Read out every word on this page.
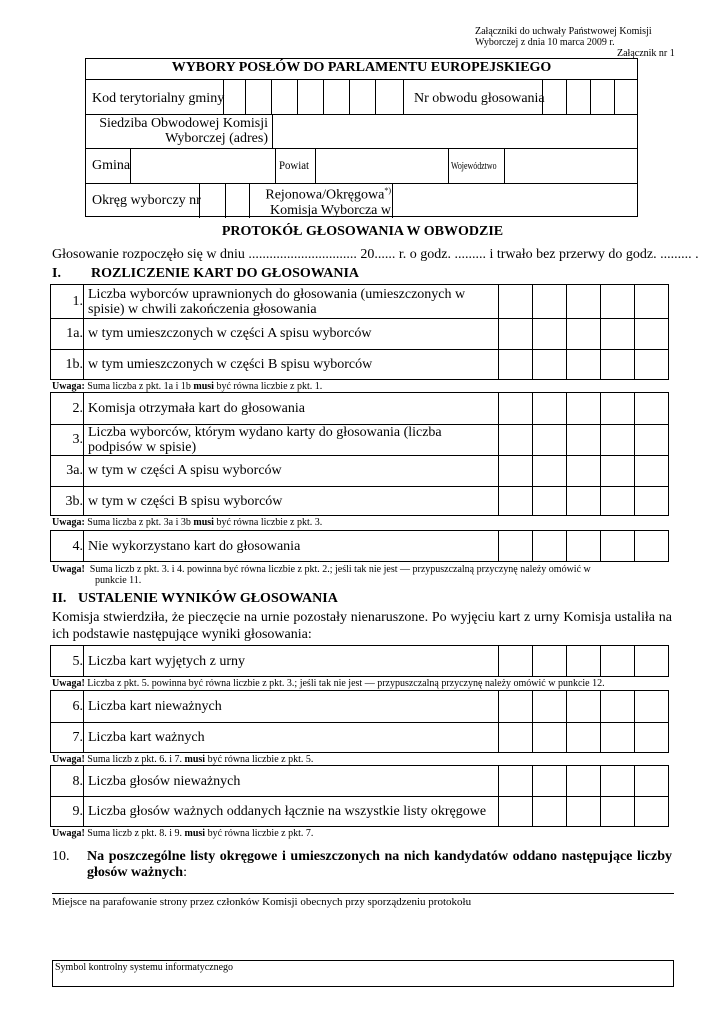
Załączniki do uchwały Państwowej Komisji
Wyborczej z dnia 10 marca 2009 r.
Załącznik nr 1
WYBORY POSŁÓW DO PARLAMENTU EUROPEJSKIEGO
Kod terytorialny gminy	Nr obwodu głosowania
Siedziba Obwodowej Komisji
Wyborczej (adres)
Gmina	Powiat	Województwo
Okręg wyborczy nr	Rejonowa/Okręgowa*)
Komisja Wyborcza w
PROTOKÓŁ GŁOSOWANIA W OBWODZIE
Głosowanie rozpoczęło się w dniu ............................... 20...... r. o godz. ......... i trwało bez przerwy do godz. ......... .
I. ROZLICZENIE KART DO GŁOSOWANIA
1. Liczba wyborców uprawnionych do głosowania (umieszczonych w spisie) w chwili zakończenia głosowania
1a. w tym umieszczonych w części A spisu wyborców
1b. w tym umieszczonych w części B spisu wyborców
Uwaga: Suma liczba z pkt. 1a i 1b musi być równa liczbie z pkt. 1.
2. Komisja otrzymała kart do głosowania
3. Liczba wyborców, którym wydano karty do głosowania (liczba podpisów w spisie)
3a. w tym w części A spisu wyborców
3b. w tym w części B spisu wyborców
Uwaga: Suma liczba z pkt. 3a i 3b musi być równa liczbie z pkt. 3.
4. Nie wykorzystano kart do głosowania
Uwaga! Suma liczb z pkt. 3. i 4. powinna być równa liczbie z pkt. 2.; jeśli tak nie jest — przypuszczalną przyczynę należy omówić w
punkcie 11.
II. USTALENIE WYNIKÓW GŁOSOWANIA
Komisja stwierdziła, że pieczęcie na urnie pozostały nienaruszone. Po wyjęciu kart z urny Komisja ustaliła na ich podstawie następujące wyniki głosowania:
5. Liczba kart wyjętych z urny
Uwaga! Liczba z pkt. 5. powinna być równa liczbie z pkt. 3.; jeśli tak nie jest — przypuszczalną przyczynę należy omówić w punkcie 12.
6. Liczba kart nieważnych
7. Liczba kart ważnych
Uwaga! Suma liczb z pkt. 6. i 7. musi być równa liczbie z pkt. 5.
8. Liczba głosów nieważnych
9. Liczba głosów ważnych oddanych łącznie na wszystkie listy okręgowe
Uwaga! Suma liczb z pkt. 8. i 9. musi być równa liczbie z pkt. 7.
10. Na poszczególne listy okręgowe i umieszczonych na nich kandydatów oddano następujące liczby
głosów ważnych:
Miejsce na parafowanie strony przez członków Komisji obecnych przy sporządzeniu protokołu
Symbol kontrolny systemu informatycznego
